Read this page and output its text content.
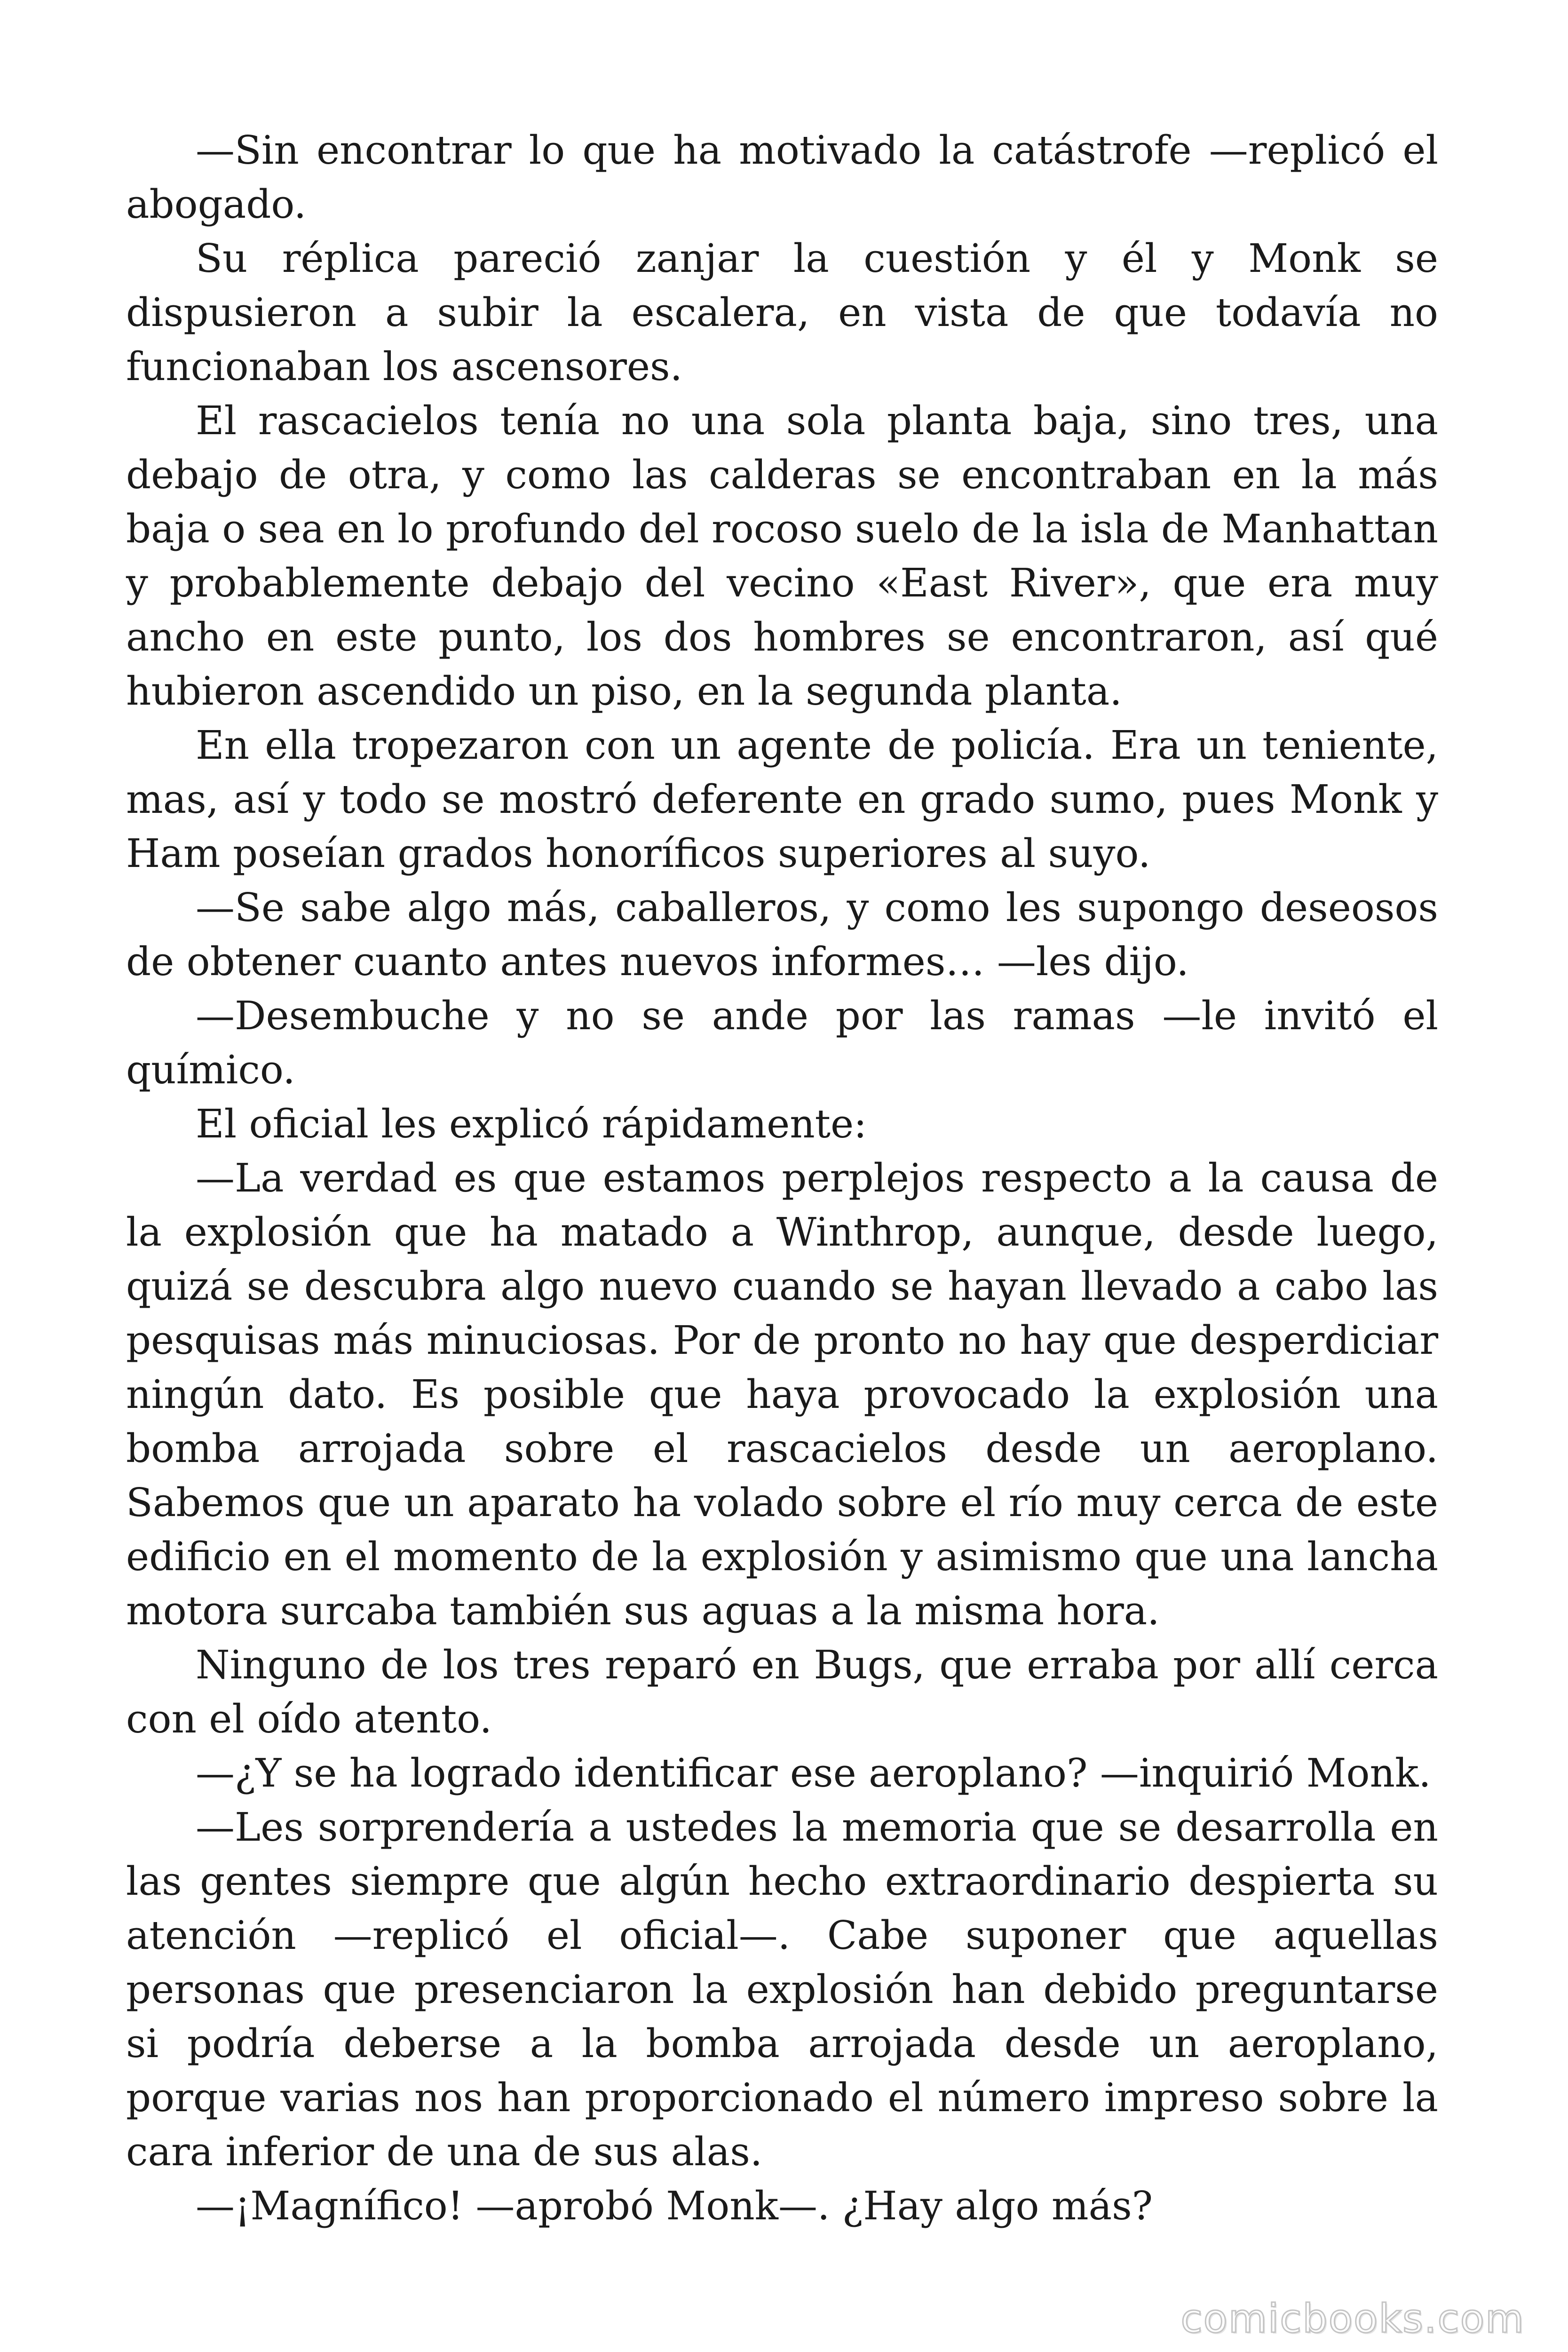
—Sin encontrar lo que ha motivado la catástrofe —replicó el abogado.

Su réplica pareció zanjar la cuestión y él y Monk se dispusieron a subir la escalera, en vista de que todavía no funcionaban los ascensores.

El rascacielos tenía no una sola planta baja, sino tres, una debajo de otra, y como las calderas se encontraban en la más baja o sea en lo profundo del rocoso suelo de la isla de Manhattan y probablemente debajo del vecino «East River», que era muy ancho en este punto, los dos hombres se encontraron, así qué hubieron ascendido un piso, en la segunda planta.

En ella tropezaron con un agente de policía. Era un teniente, mas, así y todo se mostró deferente en grado sumo, pues Monk y Ham poseían grados honoríficos superiores al suyo.

—Se sabe algo más, caballeros, y como les supongo deseosos de obtener cuanto antes nuevos informes… —les dijo.

—Desembuche y no se ande por las ramas —le invitó el químico.

El oficial les explicó rápidamente:

—La verdad es que estamos perplejos respecto a la causa de la explosión que ha matado a Winthrop, aunque, desde luego, quizá se descubra algo nuevo cuando se hayan llevado a cabo las pesquisas más minuciosas. Por de pronto no hay que desperdiciar ningún dato. Es posible que haya provocado la explosión una bomba arrojada sobre el rascacielos desde un aeroplano. Sabemos que un aparato ha volado sobre el río muy cerca de este edificio en el momento de la explosión y asimismo que una lancha motora surcaba también sus aguas a la misma hora.

Ninguno de los tres reparó en Bugs, que erraba por allí cerca con el oído atento.

—¿Y se ha logrado identificar ese aeroplano? —inquirió Monk.

—Les sorprendería a ustedes la memoria que se desarrolla en las gentes siempre que algún hecho extraordinario despierta su atención —replicó el oficial—. Cabe suponer que aquellas personas que presenciaron la explosión han debido preguntarse si podría deberse a la bomba arrojada desde un aeroplano, porque varias nos han proporcionado el número impreso sobre la cara inferior de una de sus alas.

—¡Magnífico! —aprobó Monk—. ¿Hay algo más?

comicbooks.com
